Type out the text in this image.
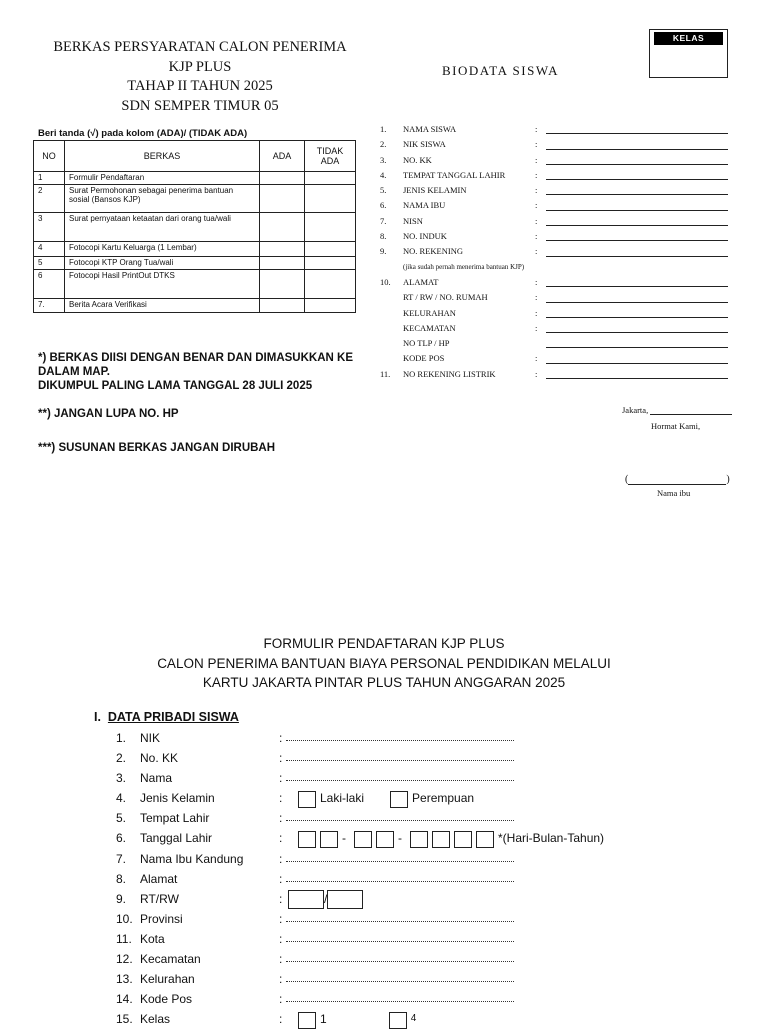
BERKAS PERSYARATAN CALON PENERIMA
KJP PLUS
TAHAP II TAHUN 2025
SDN SEMPER TIMUR 05
Beri tanda (√) pada kolom (ADA)/ (TIDAK ADA)
NO	BERKAS	ADA	TIDAK ADA
1	Formulir Pendaftaran		
2	Surat Permohonan sebagai penerima bantuan sosial (Bansos KJP)		
3	Surat pernyataan ketaatan dari orang tua/wali		
4	Fotocopi Kartu Keluarga (1 Lembar)		
5	Fotocopi KTP Orang Tua/wali		
6	Fotocopi Hasil PrintOut DTKS		
7.	Berita Acara Verifikasi		
*) BERKAS DIISI DENGAN BENAR DAN DIMASUKKAN KE DALAM MAP.
DIKUMPUL PALING LAMA TANGGAL 28 JULI 2025
**) JANGAN LUPA NO. HP
***) SUSUNAN BERKAS JANGAN DIRUBAH
KELAS
BIODATA SISWA
1.	NAMA SISWA	:
2.	NIK SISWA	:
3.	NO. KK	:
4.	TEMPAT TANGGAL LAHIR	:
5.	JENIS KELAMIN	:
6.	NAMA IBU	:
7.	NISN	:
8.	NO. INDUK	:
9.	NO. REKENING	:
(jika sudah pernah menerima bantuan KJP)
10.	ALAMAT	:
RT / RW / NO. RUMAH	:
KELURAHAN	:
KECAMATAN	:
NO TLP / HP
KODE POS	:
11.	NO REKENING LISTRIK	:
Jakarta,
Hormat Kami,
(	)
Nama ibu
FORMULIR PENDAFTARAN KJP PLUS
CALON PENERIMA BANTUAN BIAYA PERSONAL PENDIDIKAN MELALUI
KARTU JAKARTA PINTAR PLUS TAHUN ANGGARAN 2025
I. DATA PRIBADI SISWA
1.	NIK	:
2.	No. KK	:
3.	Nama	:
4.	Jenis Kelamin	:	Laki-laki	Perempuan
5.	Tempat Lahir	:
6.	Tanggal Lahir	:	-	-	*(Hari-Bulan-Tahun)
7.	Nama Ibu Kandung	:
8.	Alamat	:
9.	RT/RW	:	/
10. Provinsi	:
11. Kota	:
12. Kecamatan	:
13. Kelurahan	:
14. Kode Pos	:
15. Kelas	:	1	$^4$
